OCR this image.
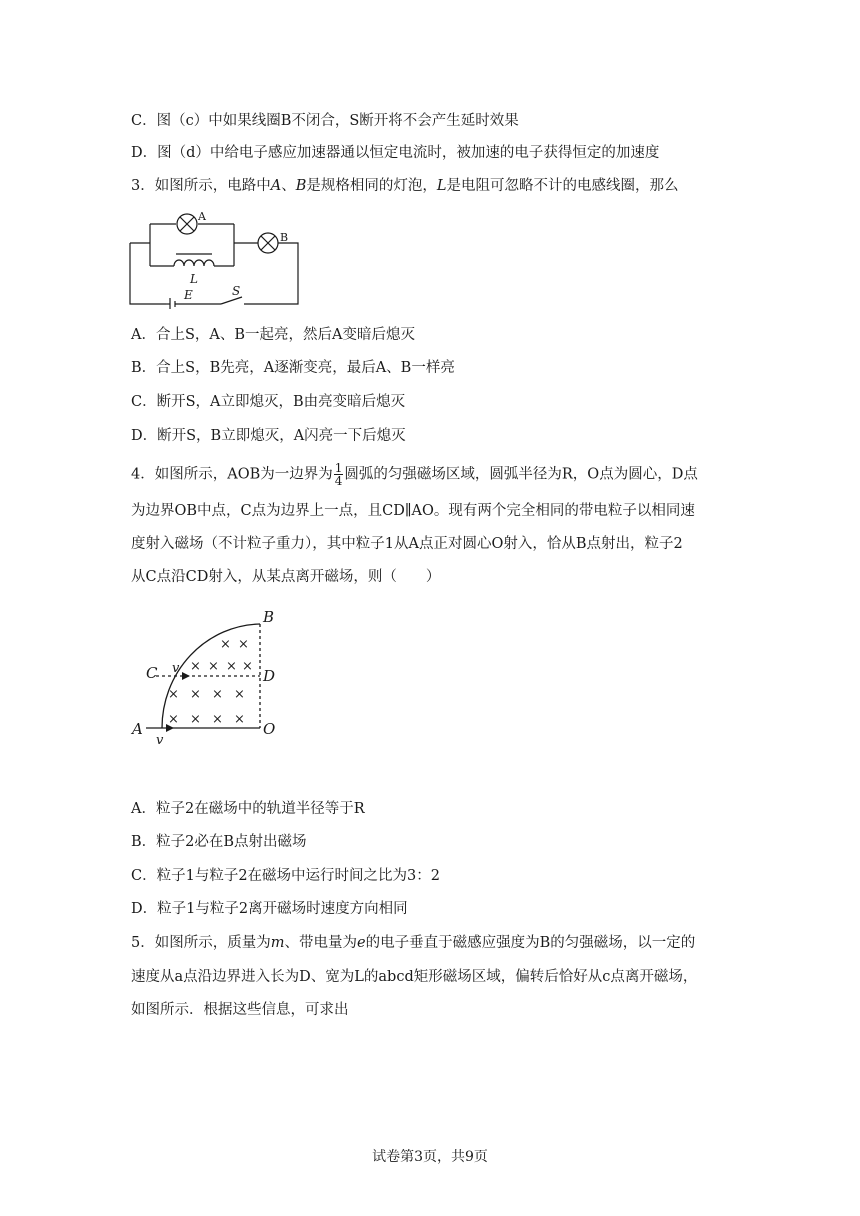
C．图（c）中如果线圈B不闭合，S断开将不会产生延时效果
D．图（d）中给电子感应加速器通以恒定电流时，被加速的电子获得恒定的加速度
3．如图所示，电路中A、B是规格相同的灯泡，L是电阻可忽略不计的电感线圈，那么
A
B
L
E	S
A．合上S，A、B一起亮，然后A变暗后熄灭
B．合上S，B先亮，A逐渐变亮，最后A、B一样亮
C．断开S，A立即熄灭，B由亮变暗后熄灭
D．断开S，B立即熄灭，A闪亮一下后熄灭
4．如图所示，AOB为一边界为 $\frac{1}{4}$ 圆弧的匀强磁场区域，圆弧半径为R，O点为圆心，D点
为边界OB中点，C点为边界上一点，且CD∥AO。现有两个完全相同的带电粒子以相同速
度射入磁场（不计粒子重力），其中粒子1从A点正对圆心O射入，恰从B点射出，粒子2
从C点沿CD射入，从某点离开磁场，则（　　）
× ×
× × × ×
× × × ×
× × × ×
B
C	D
A	O
v
v
A．粒子2在磁场中的轨道半径等于R
B．粒子2必在B点射出磁场
C．粒子1与粒子2在磁场中运行时间之比为3：2
D．粒子1与粒子2离开磁场时速度方向相同
5．如图所示，质量为m、带电量为e的电子垂直于磁感应强度为B的匀强磁场，以一定的
速度从a点沿边界进入长为D、宽为L的abcd矩形磁场区域，偏转后恰好从c点离开磁场，
如图所示．根据这些信息，可求出
试卷第3页，共9页
